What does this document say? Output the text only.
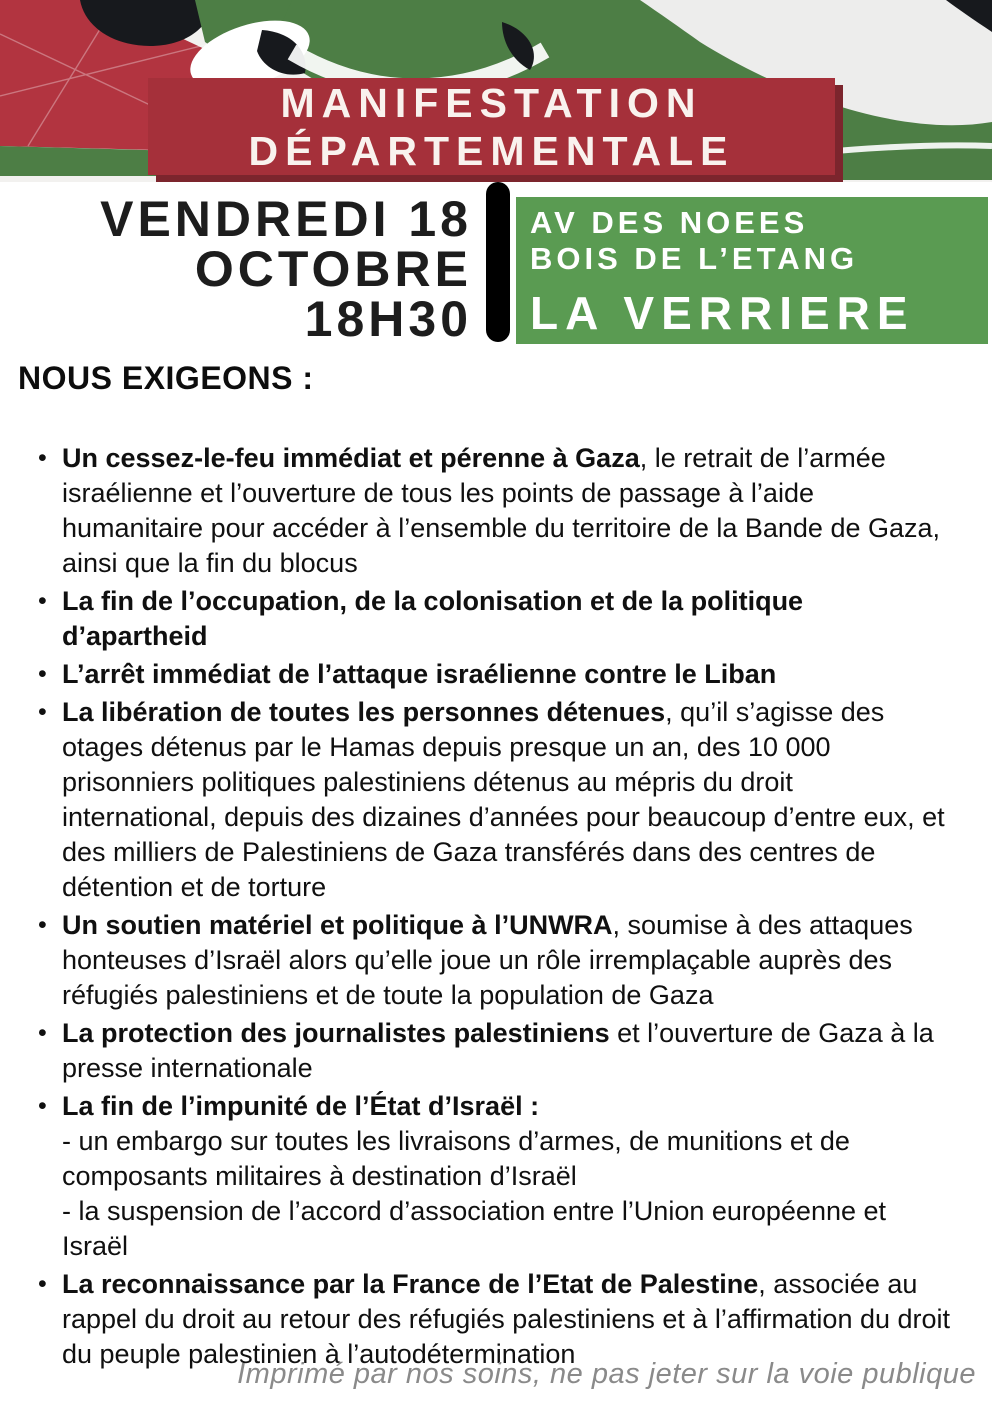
MANIFESTATION
DÉPARTEMENTALE
VENDREDI 18
OCTOBRE
18H30
AV DES NOEES
BOIS DE L’ETANG
LA VERRIERE
NOUS EXIGEONS :
• Un cessez-le-feu immédiat et pérenne à Gaza, le retrait de l’armée israélienne et l’ouverture de tous les points de passage à l’aide humanitaire pour accéder à l’ensemble du territoire de la Bande de Gaza, ainsi que la fin du blocus
• La fin de l’occupation, de la colonisation et de la politique d’apartheid
• L’arrêt immédiat de l’attaque israélienne contre le Liban
• La libération de toutes les personnes détenues, qu’il s’agisse des otages détenus par le Hamas depuis presque un an, des 10 000 prisonniers politiques palestiniens détenus au mépris du droit international, depuis des dizaines d’années pour beaucoup d’entre eux, et des milliers de Palestiniens de Gaza transférés dans des centres de détention et de torture
• Un soutien matériel et politique à l’UNWRA, soumise à des attaques honteuses d’Israël alors qu’elle joue un rôle irremplaçable auprès des réfugiés palestiniens et de toute la population de Gaza
• La protection des journalistes palestiniens et l’ouverture de Gaza à la presse internationale
• La fin de l’impunité de l’État d’Israël :
- un embargo sur toutes les livraisons d’armes, de munitions et de composants militaires à destination d’Israël
- la suspension de l’accord d’association entre l’Union européenne et Israël
• La reconnaissance par la France de l’Etat de Palestine, associée au rappel du droit au retour des réfugiés palestiniens et à l’affirmation du droit du peuple palestinien à l’autodétermination
Imprimé par nos soins, ne pas jeter sur la voie publique
